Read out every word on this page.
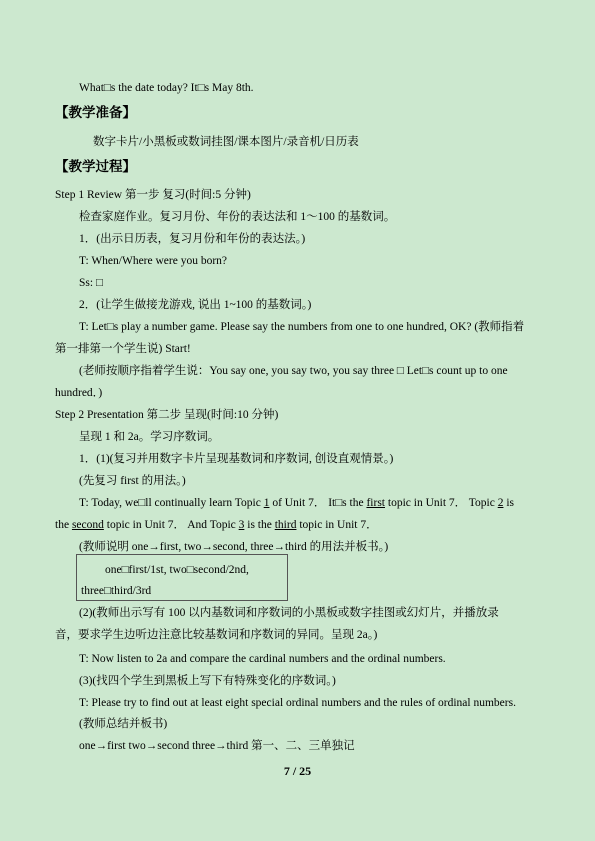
What□s the date today? It□s May 8th.
【教学准备】
数字卡片/小黑板或数词挂图/课本图片/录音机/日历表
【教学过程】
Step 1 Review 第一步 复习(时间:5 分钟)
检查家庭作业。复习月份、年份的表达法和 1～100 的基数词。
1．(出示日历表，复习月份和年份的表达法。)
T: When/Where were you born?
Ss: □
2．(让学生做接龙游戏, 说出 1~100 的基数词。)
T: Let□s play a number game. Please say the numbers from one to one hundred, OK? (教师指着
第一排第一个学生说) Start!
(老师按顺序指着学生说：You say one, you say two, you say three □ Let□s count up to one
hundred．)
Step 2 Presentation 第二步 呈现(时间:10 分钟)
呈现 1 和 2a。学习序数词。
1．(1)(复习并用数字卡片呈现基数词和序数词, 创设直观情景。)
(先复习 first 的用法。)
T: Today, we□ll continually learn Topic 1 of Unit 7． It□s the first topic in Unit 7． Topic 2 is
the second topic in Unit 7． And Topic 3 is the third topic in Unit 7．
(教师说明 one→first, two→second, three→third 的用法并板书。)
one□first/1st, two□second/2nd,
three□third/3rd
(2)(教师出示写有 100 以内基数词和序数词的小黑板或数字挂图或幻灯片，并播放录
音，要求学生边听边注意比较基数词和序数词的异同。呈现 2a。)
T: Now listen to 2a and compare the cardinal numbers and the ordinal numbers.
(3)(找四个学生到黑板上写下有特殊变化的序数词。)
T: Please try to find out at least eight special ordinal numbers and the rules of ordinal numbers.
(教师总结并板书)
one→first two→second three→third 第一、二、三单独记
7 / 25
